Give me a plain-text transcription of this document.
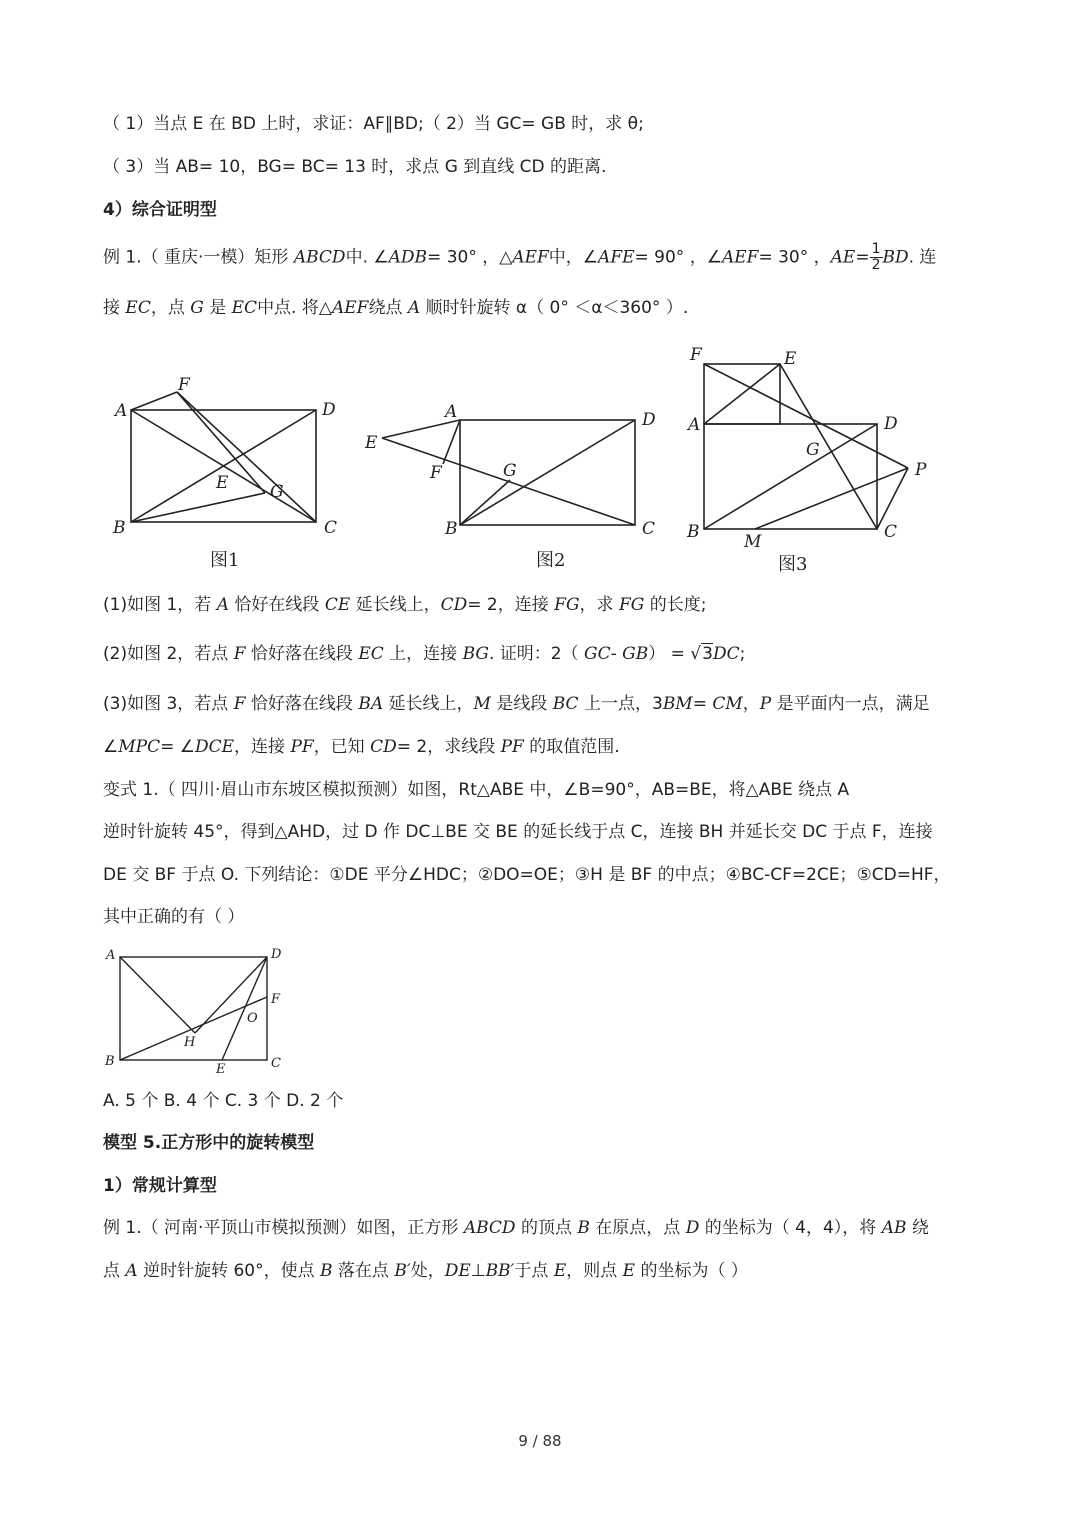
（ 1）当点 E 在 BD 上时，求证：AF∥BD;（ 2）当 GC= GB 时，求 θ;
（ 3）当 AB= 10，BG= BC= 13 时，求点 G 到直线 CD 的距离.
4）综合证明型
例 1.（ 重庆·一模）矩形 ABCD中. ∠ADB= 30° ，△AEF中，∠AFE= 90° ，∠AEF= 30° ，$AE= \frac{1}{2}$ BD. 连
接 EC，点 G 是 EC中点. 将△AEF绕点 A 顺时针旋转 α（ 0° ＜α＜360° ）.
A
F
D
E G
B	C
A	D
E
F	G
B	C
F	E
A	D
G
P
B	M	C
图1	图2	图3
(1)如图 1，若 A 恰好在线段 CE 延长线上，CD= 2，连接 FG，求 FG 的长度;
(2)如图 2，若点 F 恰好落在线段 EC 上，连接 BG. 证明：2（ GC- GB） = √3DC;
(3)如图 3，若点 F 恰好落在线段 BA 延长线上，M 是线段 BC 上一点，3BM= CM，P 是平面内一点，满足
∠MPC= ∠DCE，连接 PF，已知 CD= 2，求线段 PF 的取值范围.
变式 1.（ 四川·眉山市东坡区模拟预测）如图，Rt△ABE 中，∠B=90°，AB=BE，将△ABE 绕点 A
逆时针旋转 45°，得到△AHD，过 D 作 DC⊥BE 交 BE 的延长线于点 C，连接 BH 并延长交 DC 于点 F，连接
DE 交 BF 于点 O. 下列结论：①DE 平分∠HDC；②DO=OE；③H 是 BF 的中点；④BC-CF=2CE；⑤CD=HF，
其中正确的有（ ）
A	D
F
O
H
B
E	C
A. 5 个 B. 4 个 C. 3 个 D. 2 个
模型 5.正方形中的旋转模型
1）常规计算型
例 1.（ 河南·平顶山市模拟预测）如图，正方形 ABCD 的顶点 B 在原点，点 D 的坐标为（ 4，4），将 AB 绕
点 A 逆时针旋转 60°，使点 B 落在点 B′处，DE⊥BB′于点 E，则点 E 的坐标为（ ）
9 / 88
